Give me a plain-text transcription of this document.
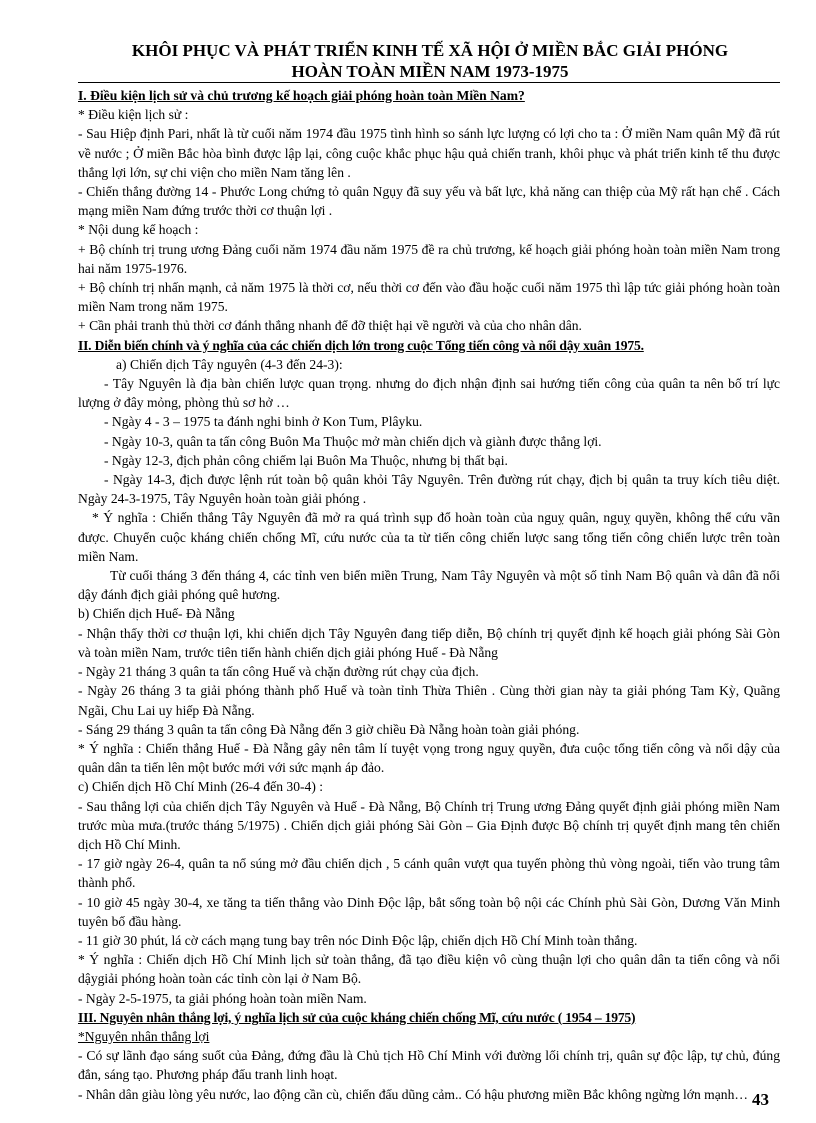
KHÔI PHỤC VÀ PHÁT TRIỂN KINH TẾ XÃ HỘI Ở MIỀN BẮC GIẢI PHÓNG
HOÀN TOÀN MIỀN NAM 1973-1975

I. Điều kiện lịch sử và chủ trương kế hoạch giải phóng hoàn toàn Miền Nam?

* Điều kiện lịch sử :

- Sau Hiệp định Pari, nhất là từ cuối năm 1974 đầu 1975 tình hình so sánh lực lượng có lợi cho ta : Ở miền Nam quân Mỹ đã rút về nước ; Ở miền Bắc hòa bình được lập lại, công cuộc khắc phục hậu quả chiến tranh, khôi phục và phát triển kinh tế thu được thắng lợi lớn, sự chi viện cho miền Nam tăng lên .

- Chiến thắng đường 14 - Phước Long chứng tỏ quân Ngụy đã suy yếu và bất lực, khả năng can thiệp của Mỹ rất hạn chế . Cách mạng miền Nam đứng trước thời cơ thuận lợi .

* Nội dung kế hoạch :

+ Bộ chính trị trung ương Đảng cuối năm 1974 đầu năm 1975 đề ra chủ trương, kế hoạch giải phóng hoàn toàn miền Nam trong hai năm 1975-1976.

+ Bộ chính trị nhấn mạnh, cả năm 1975 là thời cơ, nếu thời cơ đến vào đầu hoặc cuối năm 1975 thì lập tức giải phóng hoàn toàn miền Nam trong năm 1975.

+ Cần phải tranh thủ thời cơ đánh thắng nhanh để đỡ thiệt hại về người và của cho nhân dân.

II. Diễn biến chính và ý nghĩa của các chiến dịch lớn trong cuộc Tổng tiến công và nổi dậy xuân 1975.

a) Chiến dịch Tây nguyên (4-3 đến 24-3):

- Tây Nguyên là địa bàn chiến lược quan trọng. nhưng do địch nhận định sai hướng tiến công của quân ta nên bố trí lực lượng ở đây mỏng, phòng thủ sơ hở …

- Ngày 4 - 3 – 1975 ta đánh nghi binh ở Kon Tum, Plâyku.

- Ngày 10-3, quân ta tấn công Buôn Ma Thuộc mở màn chiến dịch và giành được thắng lợi.

- Ngày 12-3, địch phản công chiếm lại Buôn Ma Thuộc, nhưng bị thất bại.

- Ngày 14-3, địch được lệnh rút toàn bộ quân khỏi Tây Nguyên. Trên đường rút chạy, địch bị quân ta truy kích tiêu diệt. Ngày 24-3-1975, Tây Nguyên hoàn toàn giải phóng .

* Ý nghĩa : Chiến thắng Tây Nguyên đã mở ra quá trình sụp đổ hoàn toàn của nguỵ quân, nguỵ quyền, không thể cứu vãn được. Chuyển cuộc kháng chiến chống Mĩ, cứu nước của ta từ tiến công chiến lược sang tổng tiến công chiến lược trên toàn miền Nam.

Từ cuối tháng 3 đến tháng 4, các tỉnh ven biển miền Trung, Nam Tây Nguyên và một số tỉnh Nam Bộ quân và dân đã nổi dậy đánh địch giải phóng quê hương.

b) Chiến dịch Huế- Đà Nẵng

- Nhận thấy thời cơ thuận lợi, khi chiến dịch Tây Nguyên đang tiếp diễn, Bộ chính trị quyết định kế hoạch giải phóng Sài Gòn và toàn miền Nam, trước tiên tiến hành chiến dịch giải phóng Huế - Đà Nẵng

- Ngày 21 tháng 3 quân ta tấn công Huế và chặn đường rút chạy của địch.

- Ngày 26 tháng 3 ta giải phóng thành phố Huế và toàn tỉnh Thừa Thiên . Cùng thời gian này ta giải phóng Tam Kỳ, Quãng Ngãi, Chu Lai uy hiếp Đà Nẵng.

- Sáng 29 tháng 3 quân ta tấn công Đà Nẵng đến 3 giờ chiều Đà Nẵng hoàn toàn giải phóng.

* Ý nghĩa : Chiến thắng Huế - Đà Nẵng gây nên tâm lí tuyệt vọng trong nguỵ quyền, đưa cuộc tổng tiến công và nổi dậy của quân dân ta tiến lên một bước mới với sức mạnh áp đảo.

c) Chiến dịch Hồ Chí Minh (26-4 đến 30-4) :

- Sau thắng lợi của chiến dịch Tây Nguyên và Huế - Đà Nẵng, Bộ Chính trị Trung ương Đảng quyết định giải phóng miền Nam trước mùa mưa.(trước tháng 5/1975) . Chiến dịch giải phóng Sài Gòn – Gia Định được Bộ chính trị quyết định mang tên chiến dịch Hồ Chí Minh.

- 17 giờ ngày 26-4, quân ta nổ súng mở đầu chiến dịch , 5 cánh quân vượt qua tuyến phòng thủ vòng ngoài, tiến vào trung tâm thành phố.

- 10 giờ 45 ngày 30-4, xe tăng ta tiến thẳng vào Dinh Độc lập, bắt sống toàn bộ nội các Chính phủ Sài Gòn, Dương Văn Minh tuyên bố đầu hàng.

- 11 giờ 30 phút, lá cờ cách mạng tung bay trên nóc Dinh Độc lập, chiến dịch Hồ Chí Minh toàn thắng.

* Ý nghĩa : Chiến dịch Hồ Chí Minh lịch sử toàn thắng, đã tạo điều kiện vô cùng thuận lợi cho quân dân ta tiến công và nổi dậygiải phóng hoàn toàn các tỉnh còn lại ở Nam Bộ.

- Ngày 2-5-1975, ta giải phóng hoàn toàn miền Nam.

III. Nguyên nhân thắng lợi, ý nghĩa lịch sử của cuộc kháng chiến chống Mĩ, cứu nước ( 1954 – 1975)

*Nguyên nhân thắng lợi

- Có sự lãnh đạo sáng suốt của Đảng, đứng đầu là Chủ tịch Hồ Chí Minh với đường lối chính trị, quân sự độc lập, tự chủ, đúng đắn, sáng tạo. Phương pháp đấu tranh linh hoạt.

- Nhân dân giàu lòng yêu nước, lao động cần cù, chiến đấu dũng cảm.. Có hậu phương miền Bắc không ngừng lớn mạnh… 43
